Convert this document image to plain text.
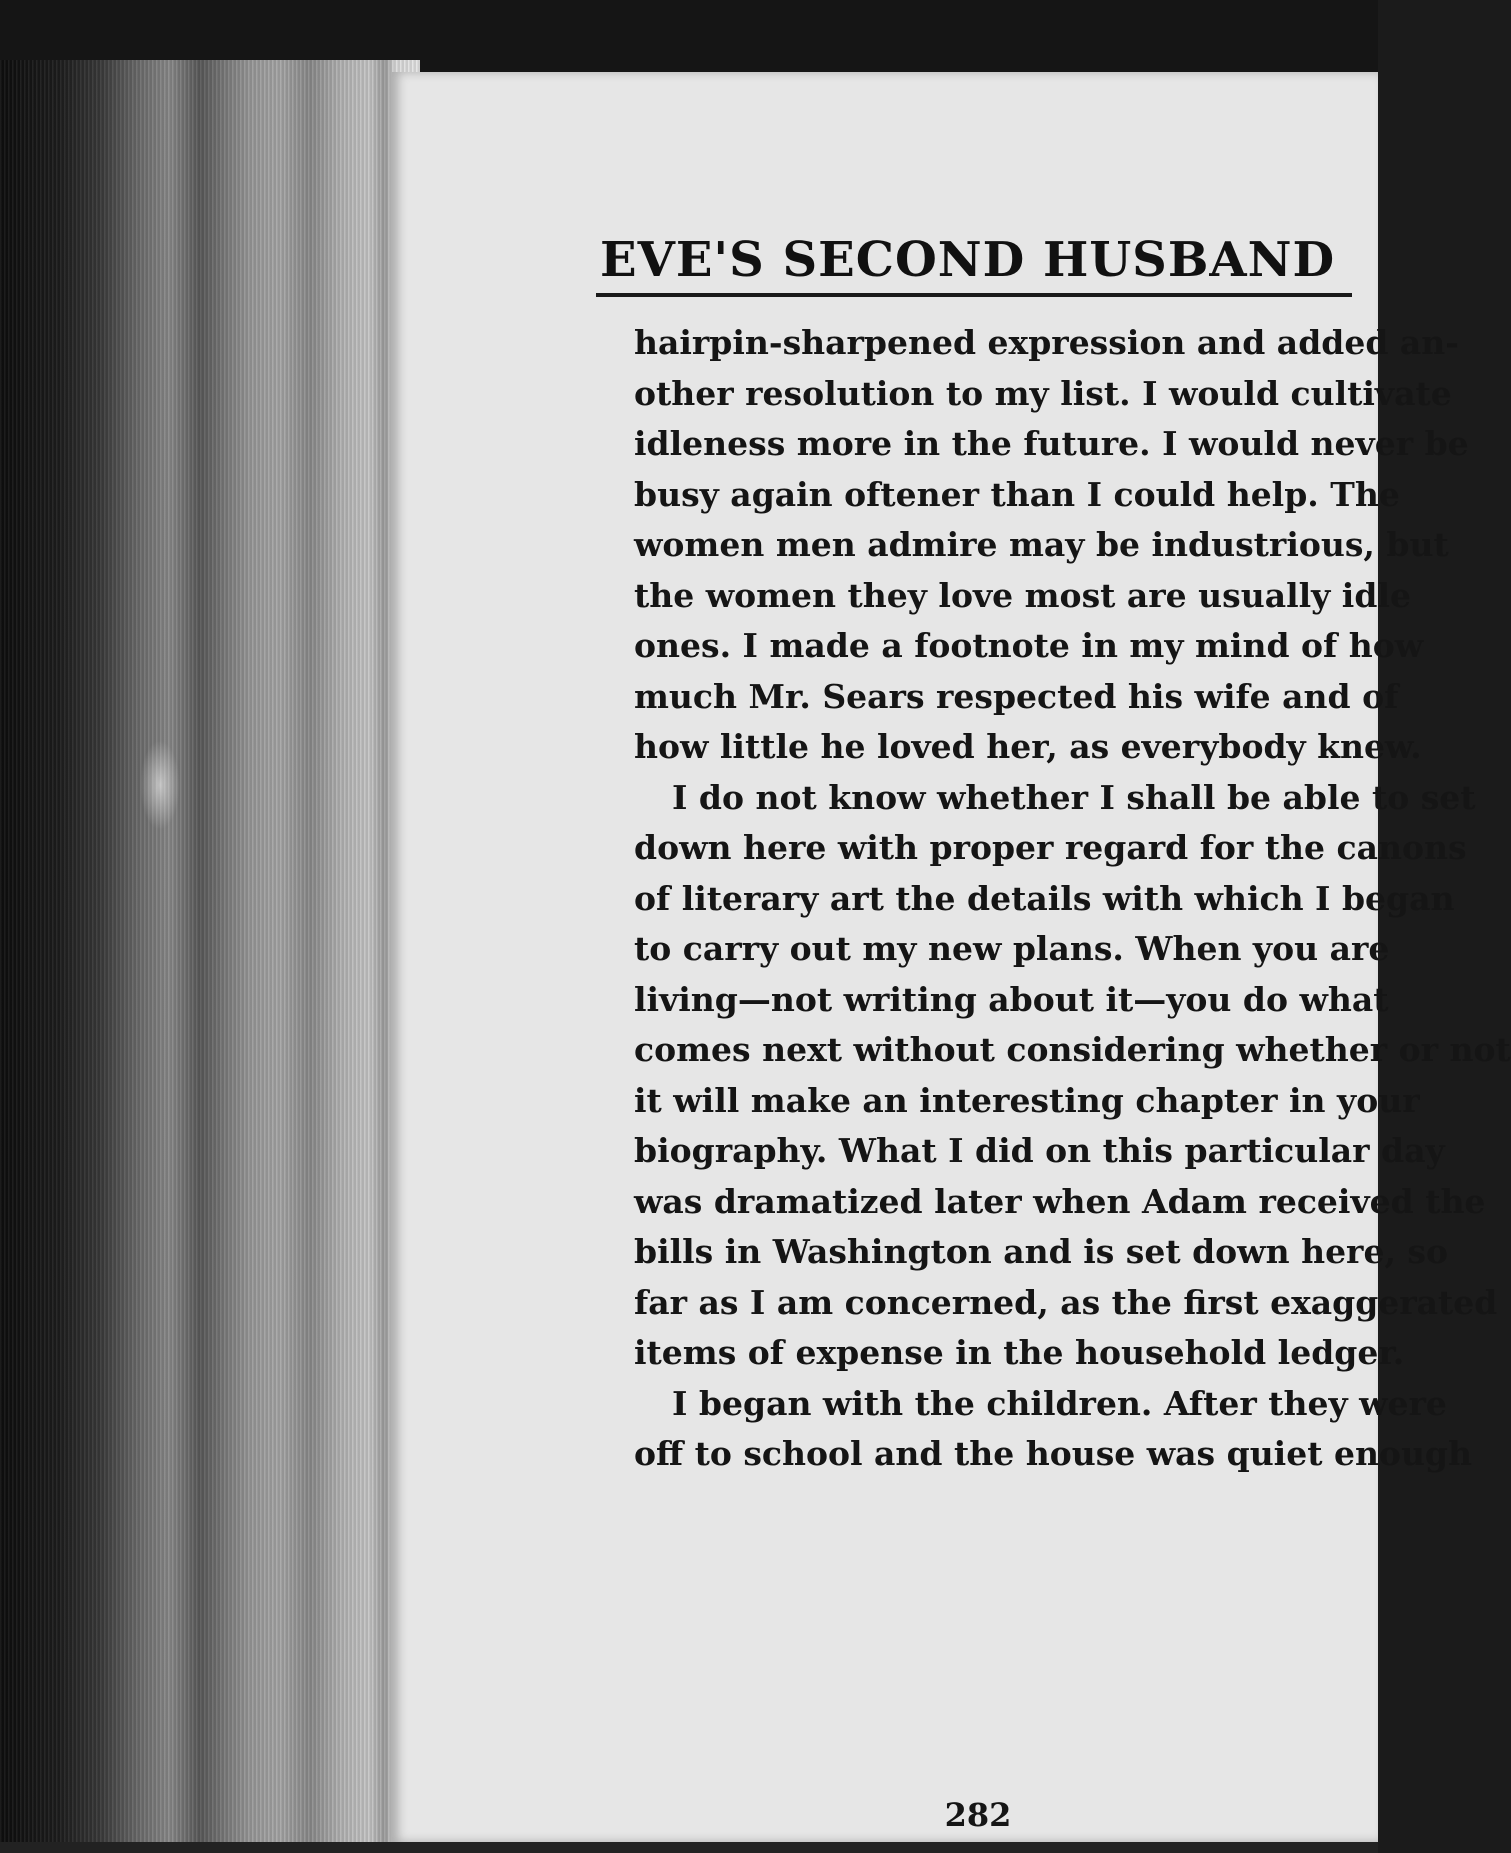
EVE'S SECOND HUSBAND
hairpin-sharpened expression and added an-
other resolution to my list. I would cultivate
idleness more in the future. I would never be
busy again oftener than I could help. The
women men admire may be industrious, but
the women they love most are usually idle
ones. I made a footnote in my mind of how
much Mr. Sears respected his wife and of
how little he loved her, as everybody knew.
I do not know whether I shall be able to set
down here with proper regard for the canons
of literary art the details with which I began
to carry out my new plans. When you are
living—not writing about it—you do what
comes next without considering whether or not
it will make an interesting chapter in your
biography. What I did on this particular day
was dramatized later when Adam received the
bills in Washington and is set down here, so
far as I am concerned, as the first exaggerated
items of expense in the household ledger.
I began with the children. After they were
off to school and the house was quiet enough
282
